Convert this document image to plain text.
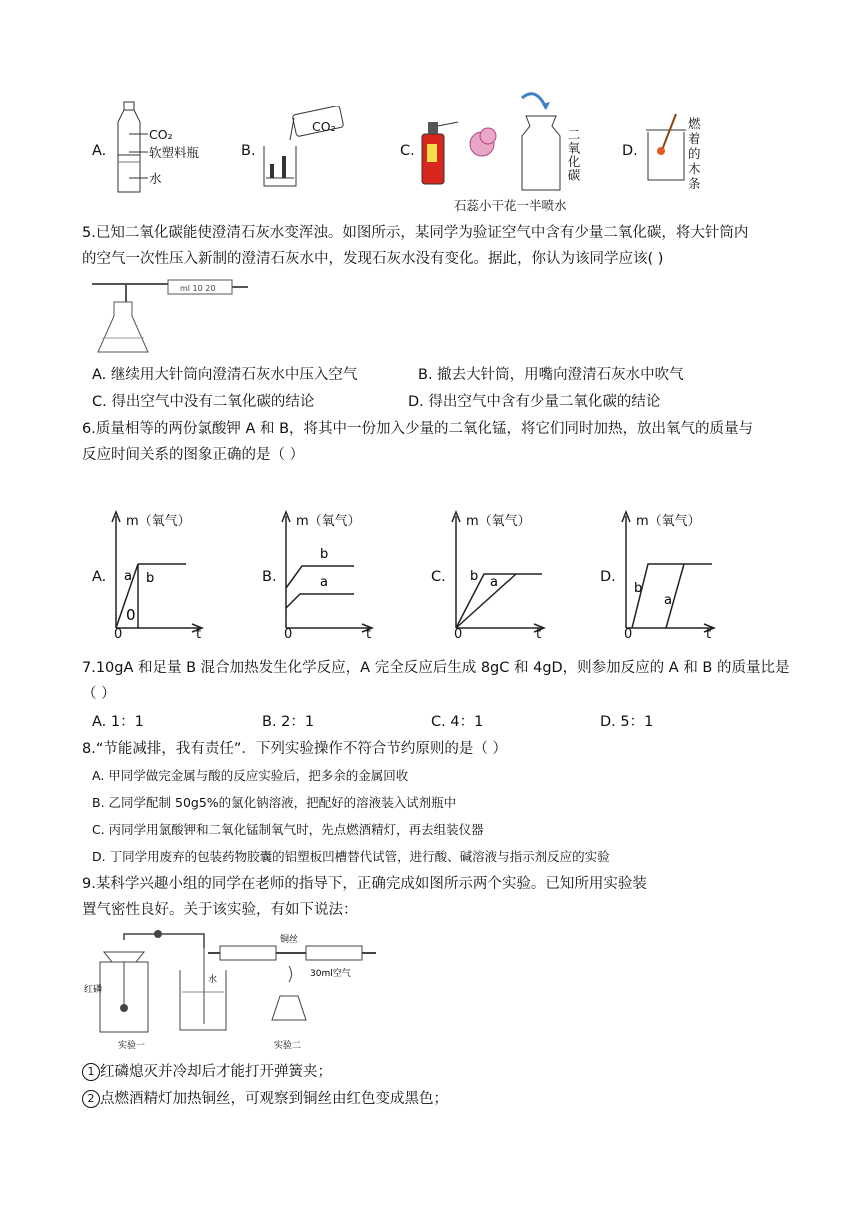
A.
CO₂
软塑料瓶
水
B.
CO₂
C.	二氧化碳
石蕊小干花一半喷水
D.
燃着的木条
5.已知二氧化碳能使澄清石灰水变浑浊。如图所示，某同学为验证空气中含有少量二氧化碳，将大针筒内
的空气一次性压入新制的澄清石灰水中，发现石灰水没有变化。据此，你认为该同学应该( )
ml 10 20
A. 继续用大针筒向澄清石灰水中压入空气	B. 撤去大针筒，用嘴向澄清石灰水中吹气
C. 得出空气中没有二氧化碳的结论	D. 得出空气中含有少量二氧化碳的结论
6.质量相等的两份氯酸钾 A 和 B，将其中一份加入少量的二氧化锰，将它们同时加热，放出氧气的质量与
反应时间关系的图象正确的是（ ）
A.
0
a b
m（氧气）
t
0
B.
b
a
m（氧气）
t
0
C. b a
m（氧气）
t
0
D.
b
a
m（氧气）
t
0
7.10gA 和足量 B 混合加热发生化学反应，A 完全反应后生成 8gC 和 4gD，则参加反应的 A 和 B 的质量比是
（ ）
A. 1：1	B. 2：1	C. 4：1	D. 5：1
8.“节能减排，我有责任”．下列实验操作不符合节约原则的是（ ）
A. 甲同学做完金属与酸的反应实验后，把多余的金属回收
B. 乙同学配制 50g5%的氯化钠溶液，把配好的溶液装入试剂瓶中
C. 丙同学用氯酸钾和二氧化锰制氧气时，先点燃酒精灯，再去组装仪器
D. 丁同学用废弃的包装药物胶囊的铝塑板凹槽替代试管，进行酸、碱溶液与指示剂反应的实验
9.某科学兴趣小组的同学在老师的指导下，正确完成如图所示两个实验。已知所用实验装
置气密性良好。关于该实验，有如下说法：
红磷
水
铜丝
30ml空气
实验一	实验二
1 红磷熄灭并冷却后才能打开弹簧夹；
2 点燃酒精灯加热铜丝，可观察到铜丝由红色变成黑色；
